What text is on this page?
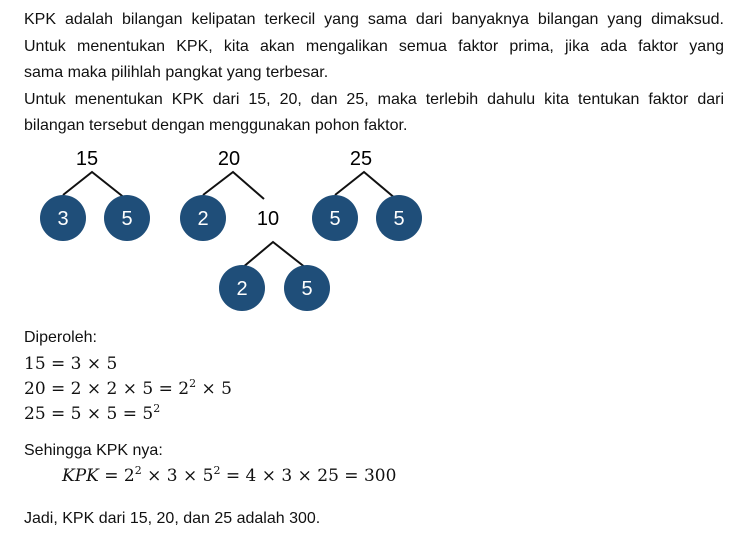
KPK adalah bilangan kelipatan terkecil yang sama dari banyaknya bilangan yang dimaksud.
Untuk menentukan KPK, kita akan mengalikan semua faktor prima, jika ada faktor yang
sama maka pilihlah pangkat yang terbesar.
Untuk menentukan KPK dari 15, 20, dan 25, maka terlebih dahulu kita tentukan faktor dari
bilangan tersebut dengan menggunakan pohon faktor.
15
3	5
20
2 10
2	5
25
5	5
Diperoleh:
15 = 3 × 5
$20 = 2 \times 2 \times 5 = 2^2 \times 5$
$25 = 5 \times 5 = 5^2$
Sehingga KPK nya:
KPK = $2^2 \times 3 \times 5^2 = 4 \times 3 \times 25 = 300$
Jadi, KPK dari 15, 20, dan 25 adalah 300.
